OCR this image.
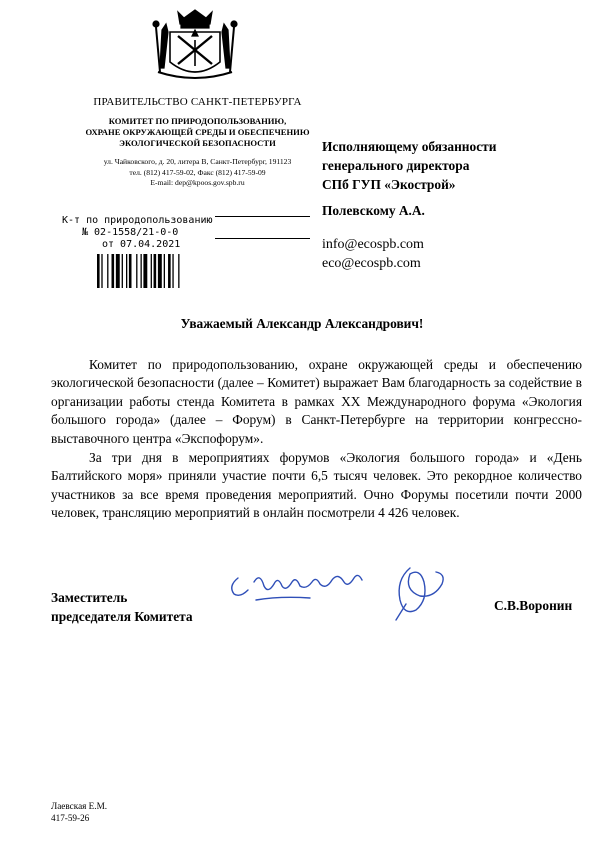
ПРАВИТЕЛЬСТВО САНКТ-ПЕТЕРБУРГА
КОМИТЕТ ПО ПРИРОДОПОЛЬЗОВАНИЮ,
ОХРАНЕ ОКРУЖАЮЩЕЙ СРЕДЫ И ОБЕСПЕЧЕНИЮ
ЭКОЛОГИЧЕСКОЙ БЕЗОПАСНОСТИ
ул. Чайковского, д. 20, литера В, Санкт-Петербург, 191123
тел. (812) 417-59-02, Факс (812) 417-59-09
E-mail: dep@kpoos.gov.spb.ru
К-т по природопользованию
№ 02-1558/21-0-0
от 07.04.2021
Исполняющему обязанности
генерального директора
СПб ГУП «Экострой»
Полевскому А.А.
info@ecospb.com
eco@ecospb.com
Уважаемый Александр Александрович!

Комитет по природопользованию, охране окружающей среды и обеспечению экологической безопасности (далее – Комитет) выражает Вам благодарность за содействие в организации работы стенда Комитета в рамках XX Международного форума «Экология большого города» (далее – Форум) в Санкт-Петербурге на территории конгрессно-выставочного центра «Экспофорум».

За три дня в мероприятиях форумов «Экология большого города» и «День Балтийского моря» приняли участие почти 6,5 тысяч человек. Это рекордное количество участников за все время проведения мероприятий. Очно Форумы посетили почти 2000 человек, трансляцию мероприятий в онлайн посмотрели 4 426 человек.

Заместитель
председателя Комитета
С.В.Воронин
Лаевская Е.М.
417-59-26
